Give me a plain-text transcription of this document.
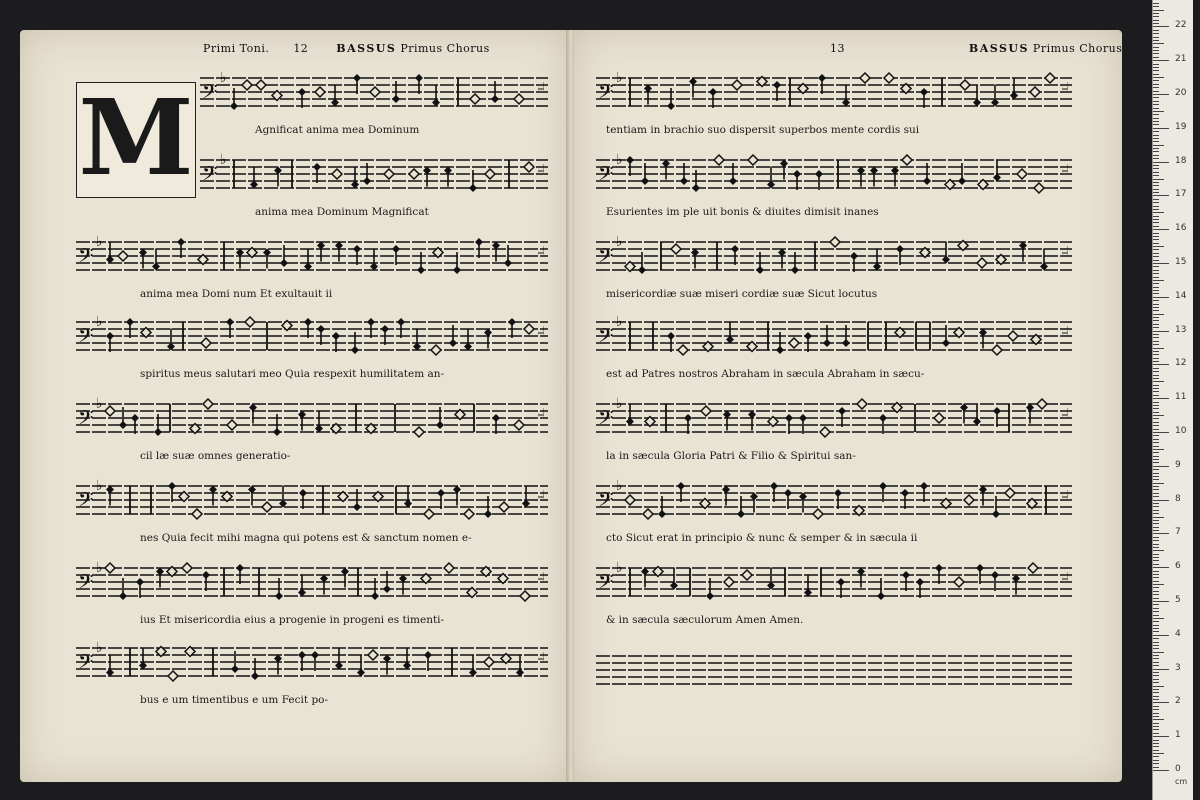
Primi Toni. 12	BASSUS Primus Chorus
M
13	BASSUS Primus Chorus
𝄢
♭	𝆶
Agnificat anima mea Dominum
𝄢
♭	𝆶
anima mea Dominum Magnificat
𝄢
♭	𝆶
anima mea Domi num Et exultauit ii
𝄢
♭	𝆶
spiritus meus salutari meo Quia respexit humilitatem an-
𝄢
♭	𝆶
cil læ suæ omnes generatio-
𝄢
♭	𝆶
nes Quia fecit mihi magna qui potens est & sanctum nomen e-
𝄢
♭	𝆶
ius Et misericordia eius a progenie in progeni es timenti-
𝄢
♭	𝆶
bus e um timentibus e um Fecit po-
𝄢
♭	𝆶
tentiam in brachio suo dispersit superbos mente cordis sui
𝄢
♭	𝆶
Esurientes im ple uit bonis & diuites dimisit inanes
𝄢
♭	𝆶
misericordiæ suæ miseri cordiæ suæ Sicut locutus
𝄢
♭	𝆶
est ad Patres nostros Abraham in sæcula Abraham in sæcu-
𝄢
♭	𝆶
la in sæcula Gloria Patri & Filio & Spiritui san-
𝄢
♭	𝆶
cto Sicut erat in principio & nunc & semper & in sæcula ii
𝄢
♭	𝆶
& in sæcula sæculorum Amen Amen.
cm
0
1
2
3
4
5
6
7
8
9
10
11
12
13
14
15
16
17
18
19
20
21
22
